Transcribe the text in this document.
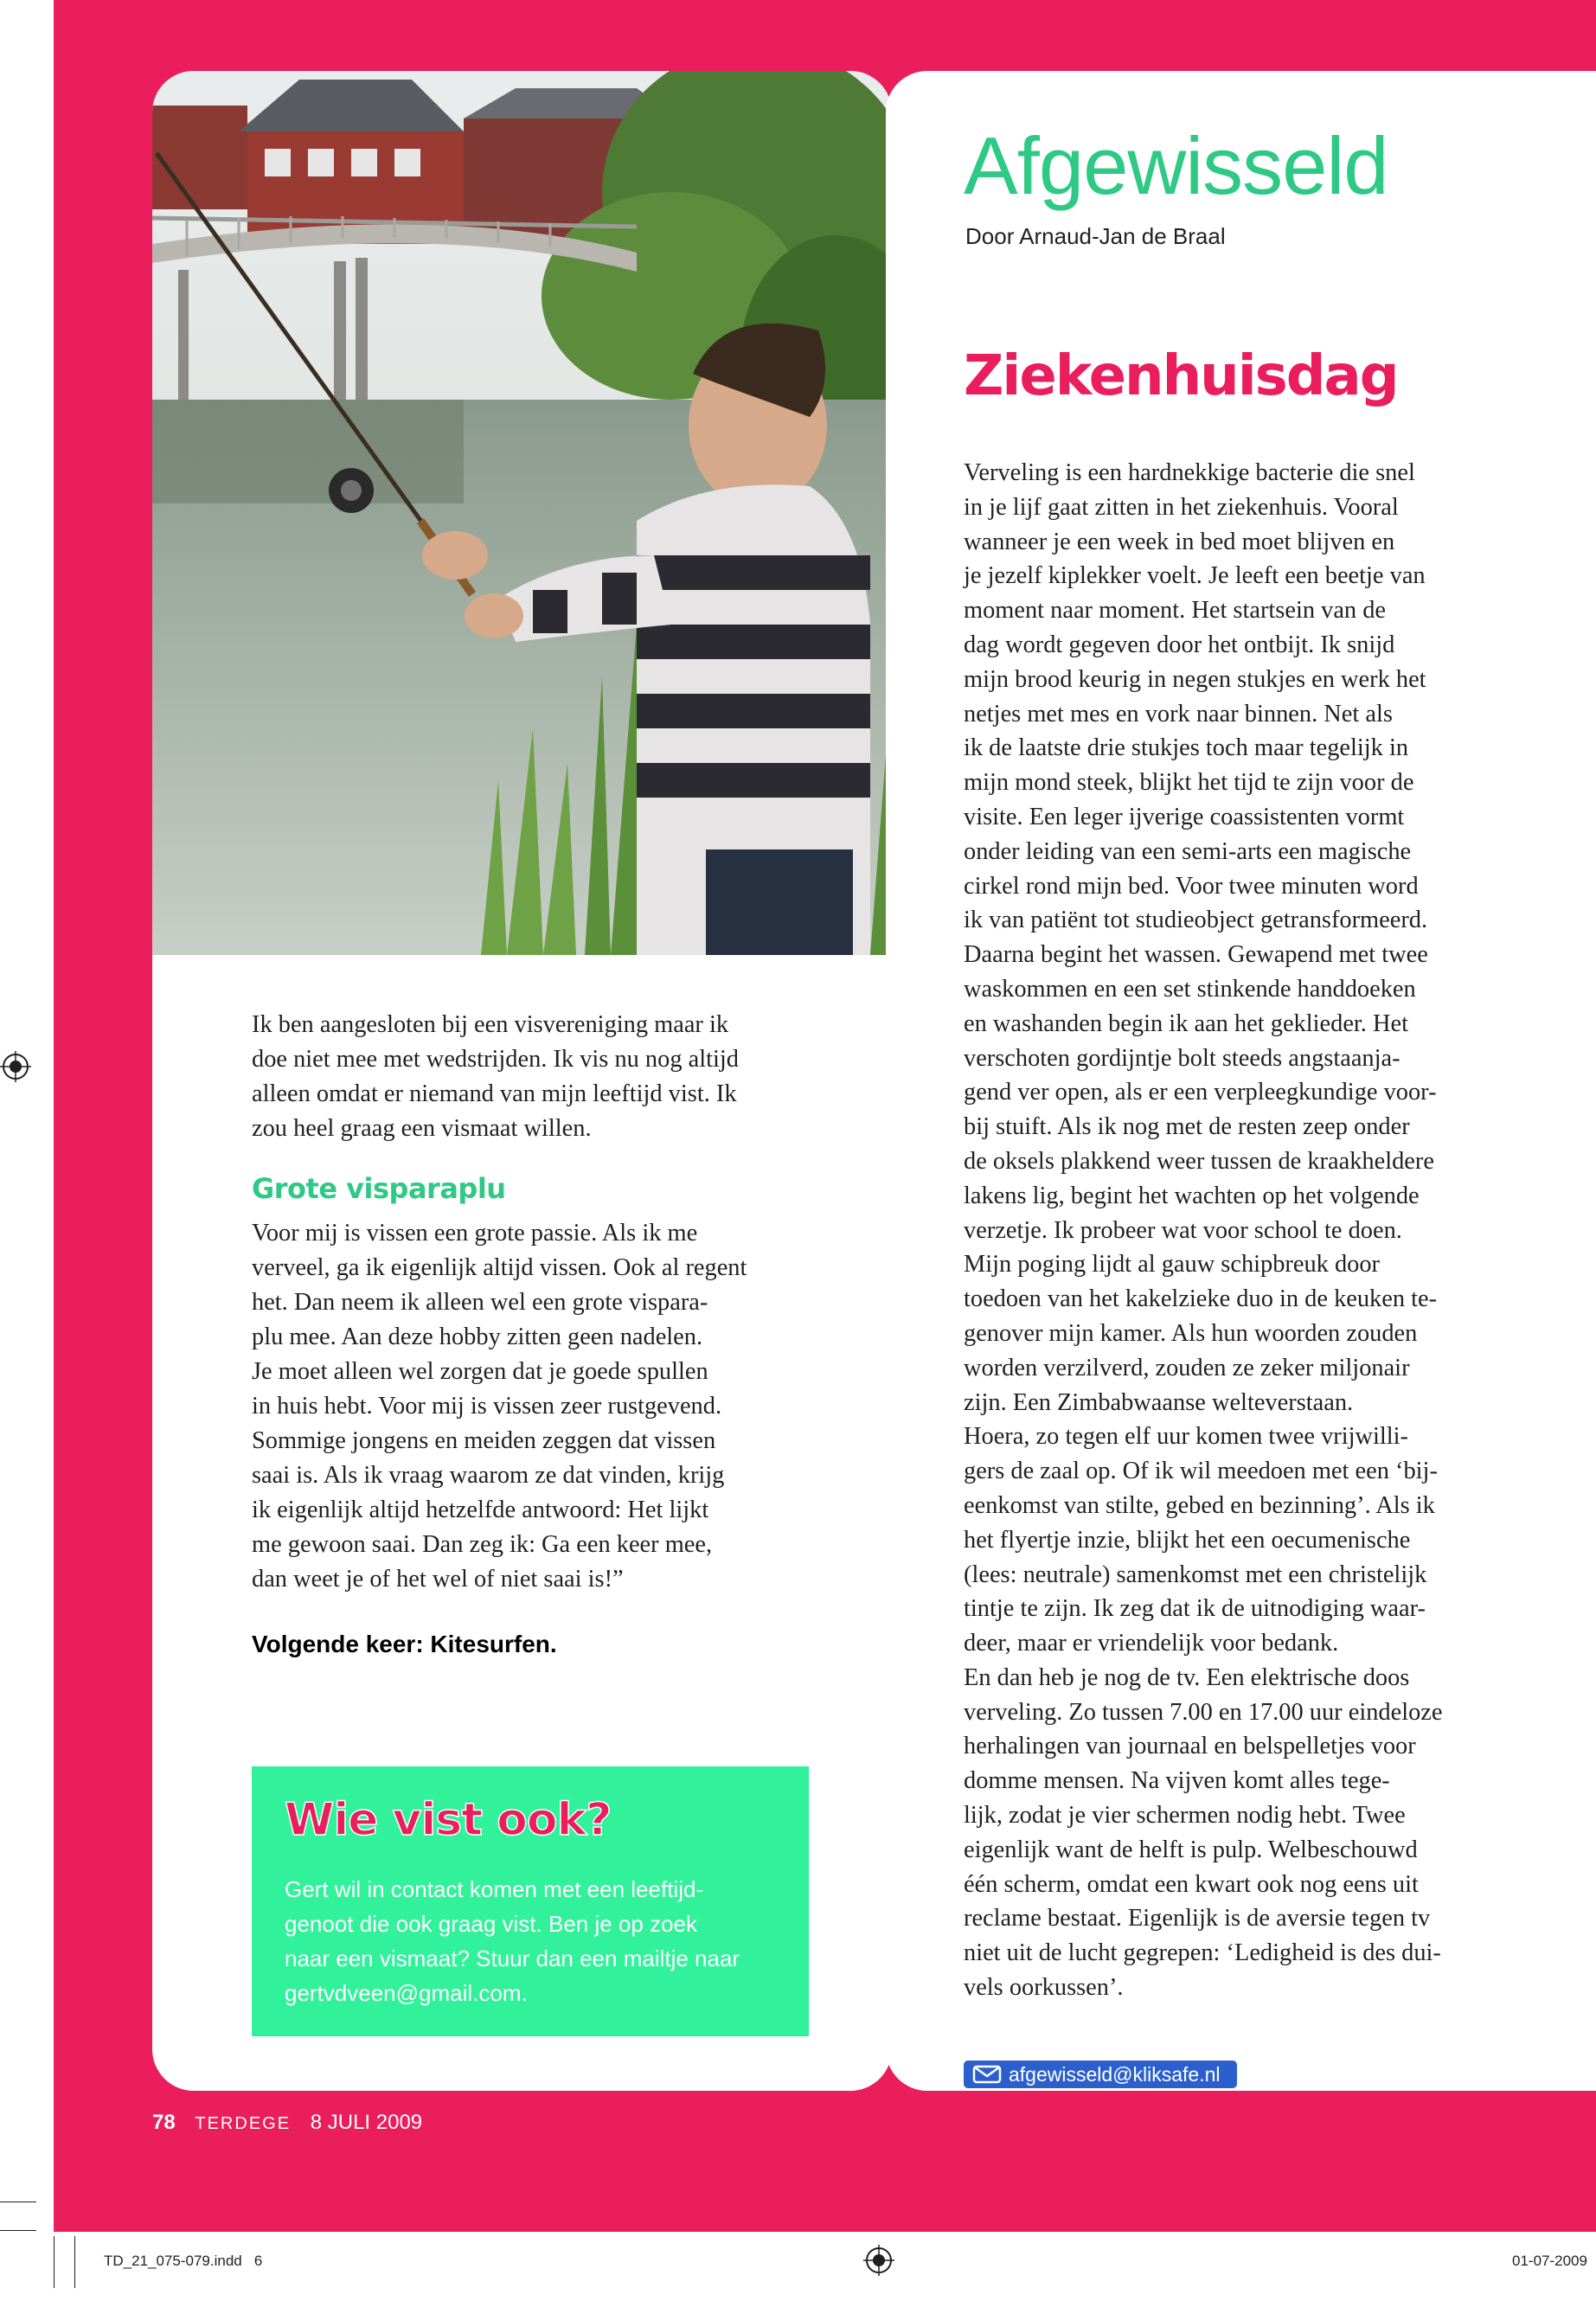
Ik ben aangesloten bij een visvereniging maar ik

doe niet mee met wedstrijden. Ik vis nu nog altijd

alleen omdat er niemand van mijn leeftijd vist. Ik

zou heel graag een vismaat willen.

Grote visparaplu

Voor mij is vissen een grote passie. Als ik me

verveel, ga ik eigenlijk altijd vissen. Ook al regent

het. Dan neem ik alleen wel een grote vispara-

plu mee. Aan deze hobby zitten geen nadelen.

Je moet alleen wel zorgen dat je goede spullen

in huis hebt. Voor mij is vissen zeer rustgevend.

Sommige jongens en meiden zeggen dat vissen

saai is. Als ik vraag waarom ze dat vinden, krijg

ik eigenlijk altijd hetzelfde antwoord: Het lijkt

me gewoon saai. Dan zeg ik: Ga een keer mee,

dan weet je of het wel of niet saai is!”

Volgende keer: Kitesurfen.
Wie vist ook?
Gert wil in contact komen met een leeftijd-
genoot die ook graag vist. Ben je op zoek
naar een vismaat? Stuur dan een mailtje naar
gertvdveen@gmail.com.
Afgewisseld
Door Arnaud-Jan de Braal
Ziekenhuisdag

Verveling is een hardnekkige bacterie die snel

in je lijf gaat zitten in het ziekenhuis. Vooral

wanneer je een week in bed moet blijven en

je jezelf kiplekker voelt. Je leeft een beetje van

moment naar moment. Het startsein van de

dag wordt gegeven door het ontbijt. Ik snijd

mijn brood keurig in negen stukjes en werk het

netjes met mes en vork naar binnen. Net als

ik de laatste drie stukjes toch maar tegelijk in

mijn mond steek, blijkt het tijd te zijn voor de

visite. Een leger ijverige coassistenten vormt

onder leiding van een semi-arts een magische

cirkel rond mijn bed. Voor twee minuten word

ik van patiënt tot studieobject getransformeerd.

Daarna begint het wassen. Gewapend met twee

waskommen en een set stinkende handdoeken

en washanden begin ik aan het geklieder. Het

verschoten gordijntje bolt steeds angstaanja-

gend ver open, als er een verpleegkundige voor-

bij stuift. Als ik nog met de resten zeep onder

de oksels plakkend weer tussen de kraakheldere

lakens lig, begint het wachten op het volgende

verzetje. Ik probeer wat voor school te doen.

Mijn poging lijdt al gauw schipbreuk door

toedoen van het kakelzieke duo in de keuken te-

genover mijn kamer. Als hun woorden zouden

worden verzilverd, zouden ze zeker miljonair

zijn. Een Zimbabwaanse welteverstaan.

Hoera, zo tegen elf uur komen twee vrijwilli-

gers de zaal op. Of ik wil meedoen met een ‘bij-

eenkomst van stilte, gebed en bezinning’. Als ik

het flyertje inzie, blijkt het een oecumenische

(lees: neutrale) samenkomst met een christelijk

tintje te zijn. Ik zeg dat ik de uitnodiging waar-

deer, maar er vriendelijk voor bedank.

En dan heb je nog de tv. Een elektrische doos

verveling. Zo tussen 7.00 en 17.00 uur eindeloze

herhalingen van journaal en belspelletjes voor

domme mensen. Na vijven komt alles tege-

lijk, zodat je vier schermen nodig hebt. Twee

eigenlijk want de helft is pulp. Welbeschouwd

één scherm, omdat een kwart ook nog eens uit

reclame bestaat. Eigenlijk is de aversie tegen tv

niet uit de lucht gegrepen: ‘Ledigheid is des dui-

vels oorkussen’.

afgewisseld@kliksafe.nl
78 TERDEGE 8 JULI 2009
TD_21_075-079.indd 6	01-07-2009
